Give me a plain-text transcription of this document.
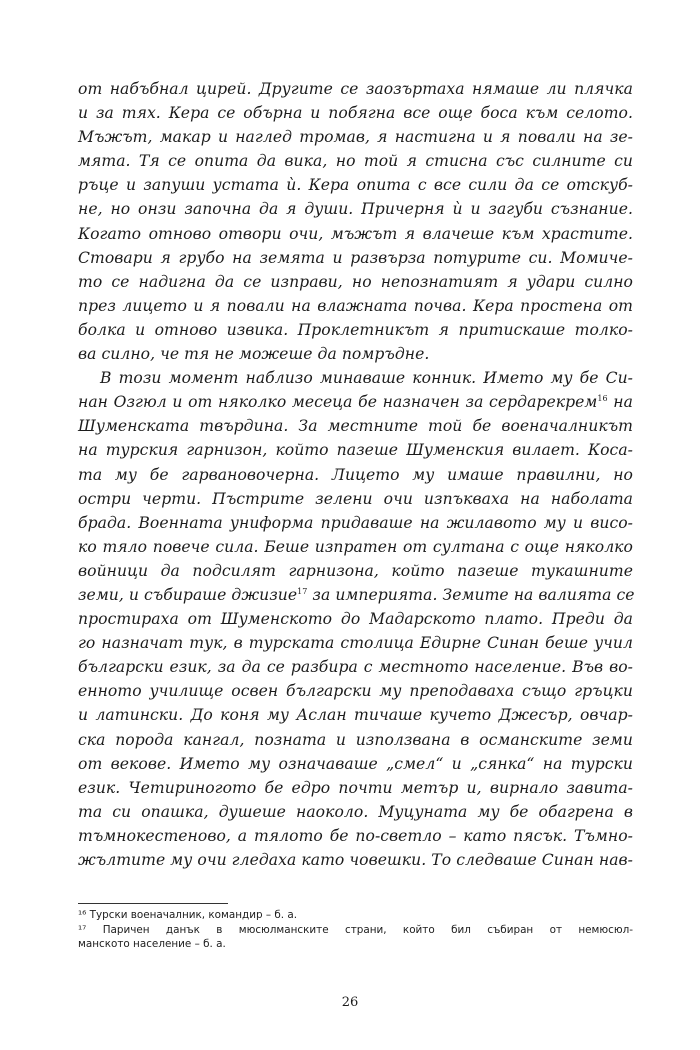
от набъбнал цирей. Другите се заозъртаха нямаше ли плячка
и за тях. Кера се обърна и побягна все още боса към селото.
Мъжът, макар и наглед тромав, я настигна и я повали на зе-
мята. Тя се опита да вика, но той я стисна със силните си
ръце и запуши устата ѝ. Кера опита с все сили да се отскуб-
не, но онзи започна да я души. Причерня ѝ и загуби съзнание.
Когато отново отвори очи, мъжът я влачеше към храстите.
Стовари я грубо на земята и развърза потурите си. Момиче-
то се надигна да се изправи, но непознатият я удари силно
през лицето и я повали на влажната почва. Кера простена от
болка и отново извика. Проклетникът я притискаше толко-
ва силно, че тя не можеше да помръдне.
В този момент наблизо минаваше конник. Името му бе Си-
нан Озгюл и от няколко месеца бе назначен за сердарекрем$^{16}$ на
Шуменската твърдина. За местните той бе военачалникът
на турския гарнизон, който пазеше Шуменския вилает. Коса-
та му бе гарвановочерна. Лицето му имаше правилни, но
остри черти. Пъстрите зелени очи изпъкваха на наболата
брада. Военната униформа придаваше на жилавото му и висо-
ко тяло повече сила. Беше изпратен от султана с още няколко
войници да подсилят гарнизона, който пазеше тукашните
земи, и събираше джизие$^{17}$ за империята. Земите на валията се
простираха от Шуменското до Мадарското плато. Преди да
го назначат тук, в турската столица Едирне Синан беше учил
български език, за да се разбира с местното население. Във во-
енното училище освен български му преподаваха също гръцки
и латински. До коня му Аслан тичаше кучето Джесър, овчар-
ска порода кангал, позната и използвана в османските земи
от векове. Името му означаваше „смел“ и „сянка“ на турски
език. Четириногото бе едро почти метър и, вирнало завита-
та си опашка, душеше наоколо. Муцуната му бе обагрена в
тъмнокестеново, а тялото бе по-светло – като пясък. Тъмно-
жълтите му очи гледаха като човешки. То следваше Синан нав-
¹⁶ Турски военачалник, командир – б. а.
¹⁷ Паричен данък в мюсюлманските страни, който бил събиран от немюсюл-
манското население – б. а.
26
